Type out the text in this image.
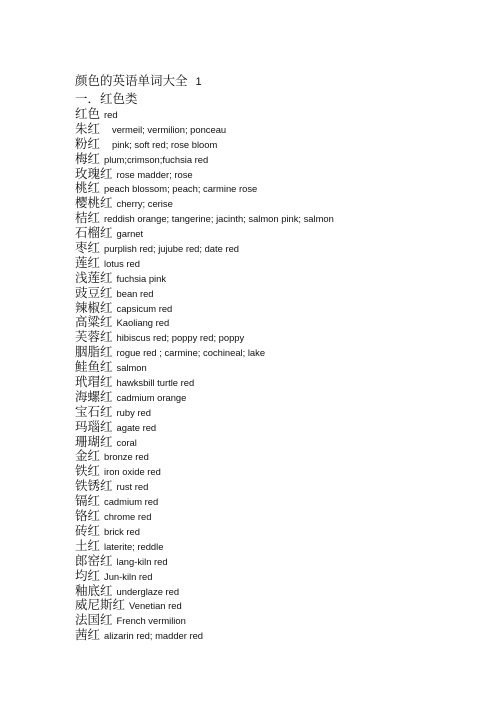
颜色的英语单词大全 1
一．红色类
红色 red
朱红 vermeil; vermilion; ponceau
粉红 pink; soft red; rose bloom
梅红 plum;crimson;fuchsia red
玫瑰红 rose madder; rose
桃红 peach blossom; peach; carmine rose
樱桃红 cherry; cerise
桔红 reddish orange; tangerine; jacinth; salmon pink; salmon
石榴红 garnet
枣红 purplish red; jujube red; date red
莲红 lotus red
浅莲红 fuchsia pink
豉豆红 bean red
辣椒红 capsicum red
高粱红 Kaoliang red
芙蓉红 hibiscus red; poppy red; poppy
胭脂红 rogue red ; carmine; cochineal; lake
鲑鱼红 salmon
玳瑁红 hawksbill turtle red
海螺红 cadmium orange
宝石红 ruby red
玛瑙红 agate red
珊瑚红 coral
金红 bronze red
铁红 iron oxide red
铁锈红 rust red
镉红 cadmium red
铬红 chrome red
砖红 brick red
土红 laterite; reddle
郎窑红 lang-kiln red
均红 Jun-kiln red
釉底红 underglaze red
威尼斯红 Venetian red
法国红 French vermilion
茜红 alizarin red; madder red
